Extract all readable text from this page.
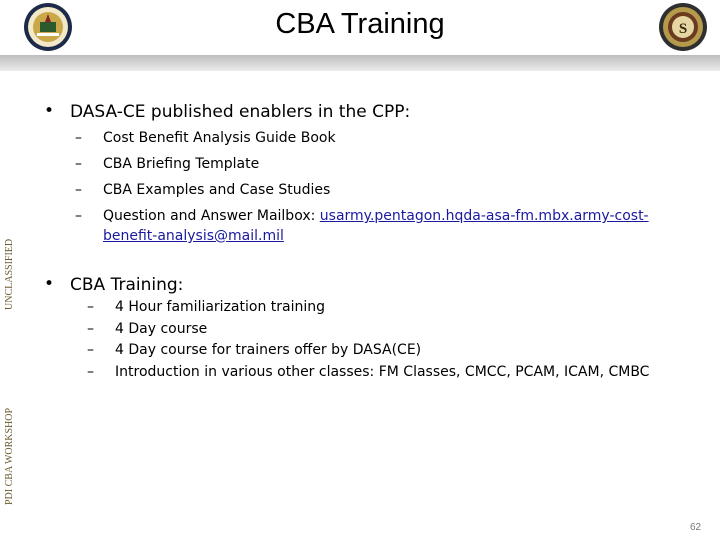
CBA Training	S
UNCLASSIFIED
PDI CBA WORKSHOP
• DASA-CE published enablers in the CPP:
– Cost Benefit Analysis Guide Book
– CBA Briefing Template
– CBA Examples and Case Studies
– Question and Answer Mailbox: usarmy.pentagon.hqda-asa-fm.mbx.army-cost-
benefit-analysis@mail.mil
• CBA Training:
– 4 Hour familiarization training
– 4 Day course
– 4 Day course for trainers offer by DASA(CE)
– Introduction in various other classes: FM Classes, CMCC, PCAM, ICAM, CMBC
62
